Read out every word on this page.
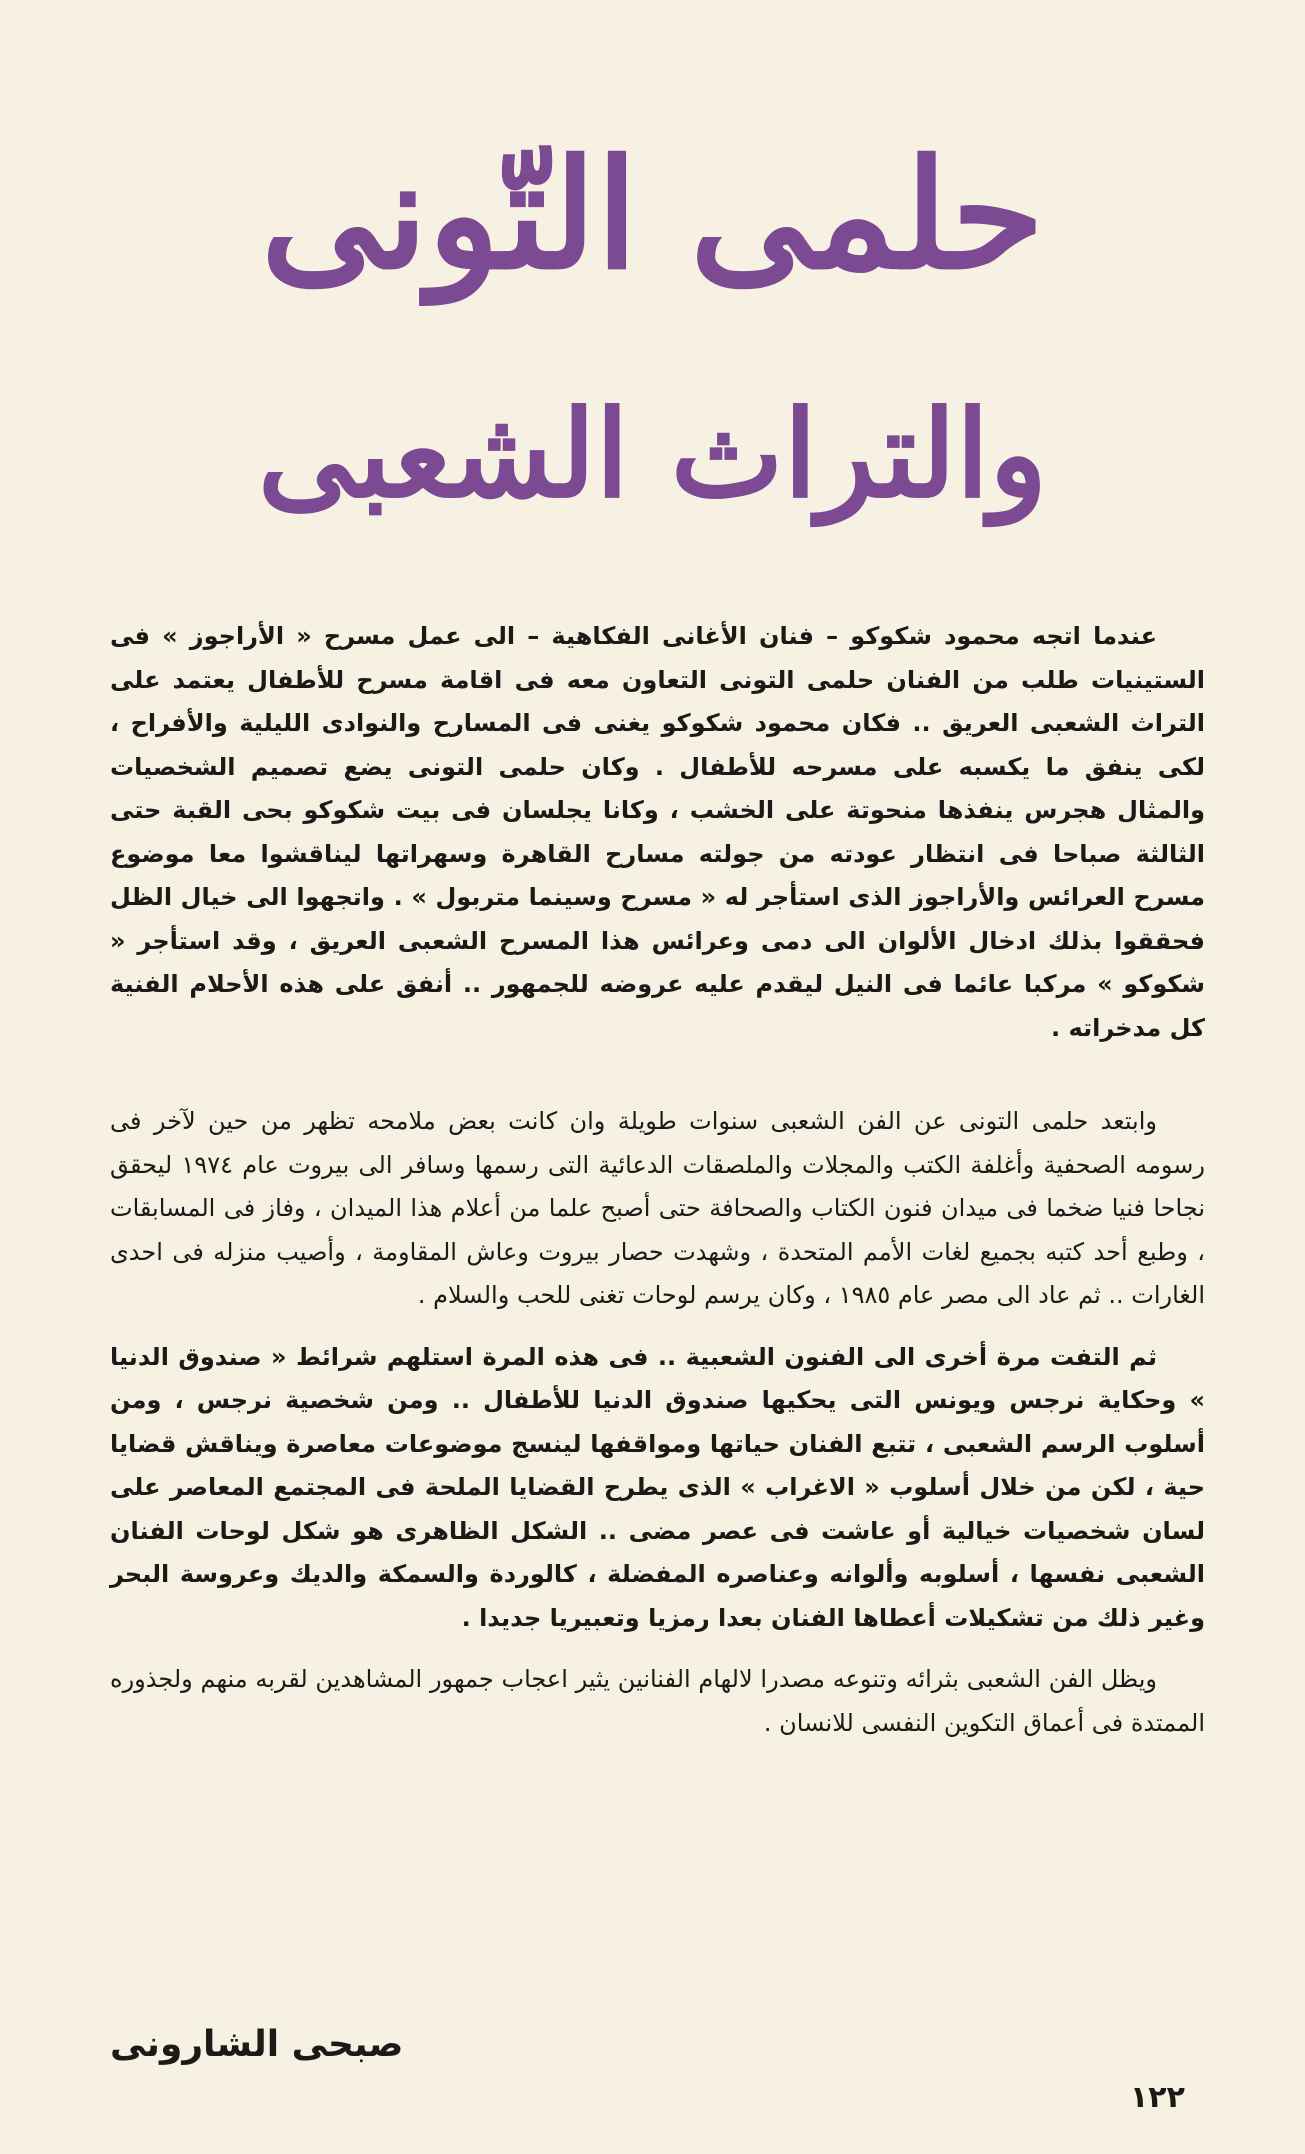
حلمى التّونى
والتراث الشعبى

عندما اتجه محمود شكوكو – فنان الأغانى الفكاهية – الى عمل مسرح « الأراجوز » فى الستينيات طلب من الفنان حلمى التونى التعاون معه فى اقامة مسرح للأطفال يعتمد على التراث الشعبى العريق .. فكان محمود شكوكو يغنى فى المسارح والنوادى الليلية والأفراح ، لكى ينفق ما يكسبه على مسرحه للأطفال . وكان حلمى التونى يضع تصميم الشخصيات والمثال هجرس ينفذها منحوتة على الخشب ، وكانا يجلسان فى بيت شكوكو بحى القبة حتى الثالثة صباحا فى انتظار عودته من جولته مسارح القاهرة وسهراتها ليناقشوا معا موضوع مسرح العرائس والأراجوز الذى استأجر له « مسرح وسينما متربول » . واتجهوا الى خيال الظل فحققوا بذلك ادخال الألوان الى دمى وعرائس هذا المسرح الشعبى العريق ، وقد استأجر « شكوكو » مركبا عائما فى النيل ليقدم عليه عروضه للجمهور .. أنفق على هذه الأحلام الفنية كل مدخراته .

وابتعد حلمى التونى عن الفن الشعبى سنوات طويلة وان كانت بعض ملامحه تظهر من حين لآخر فى رسومه الصحفية وأغلفة الكتب والمجلات والملصقات الدعائية التى رسمها وسافر الى بيروت عام ١٩٧٤ ليحقق نجاحا فنيا ضخما فى ميدان فنون الكتاب والصحافة حتى أصبح علما من أعلام هذا الميدان ، وفاز فى المسابقات ، وطبع أحد كتبه بجميع لغات الأمم المتحدة ، وشهدت حصار بيروت وعاش المقاومة ، وأصيب منزله فى احدى الغارات .. ثم عاد الى مصر عام ١٩٨٥ ، وكان يرسم لوحات تغنى للحب والسلام .

ثم التفت مرة أخرى الى الفنون الشعبية .. فى هذه المرة استلهم شرائط « صندوق الدنيا » وحكاية نرجس ويونس التى يحكيها صندوق الدنيا للأطفال .. ومن شخصية نرجس ، ومن أسلوب الرسم الشعبى ، تتبع الفنان حياتها ومواقفها لينسج موضوعات معاصرة ويناقش قضايا حية ، لكن من خلال أسلوب « الاغراب » الذى يطرح القضايا الملحة فى المجتمع المعاصر على لسان شخصيات خيالية أو عاشت فى عصر مضى .. الشكل الظاهرى هو شكل لوحات الفنان الشعبى نفسها ، أسلوبه وألوانه وعناصره المفضلة ، كالوردة والسمكة والديك وعروسة البحر وغير ذلك من تشكيلات أعطاها الفنان بعدا رمزيا وتعبيريا جديدا .

ويظل الفن الشعبى بثرائه وتنوعه مصدرا لالهام الفنانين يثير اعجاب جمهور المشاهدين لقربه منهم ولجذوره الممتدة فى أعماق التكوين النفسى للانسان .

صبحى الشارونى
١٢٢
